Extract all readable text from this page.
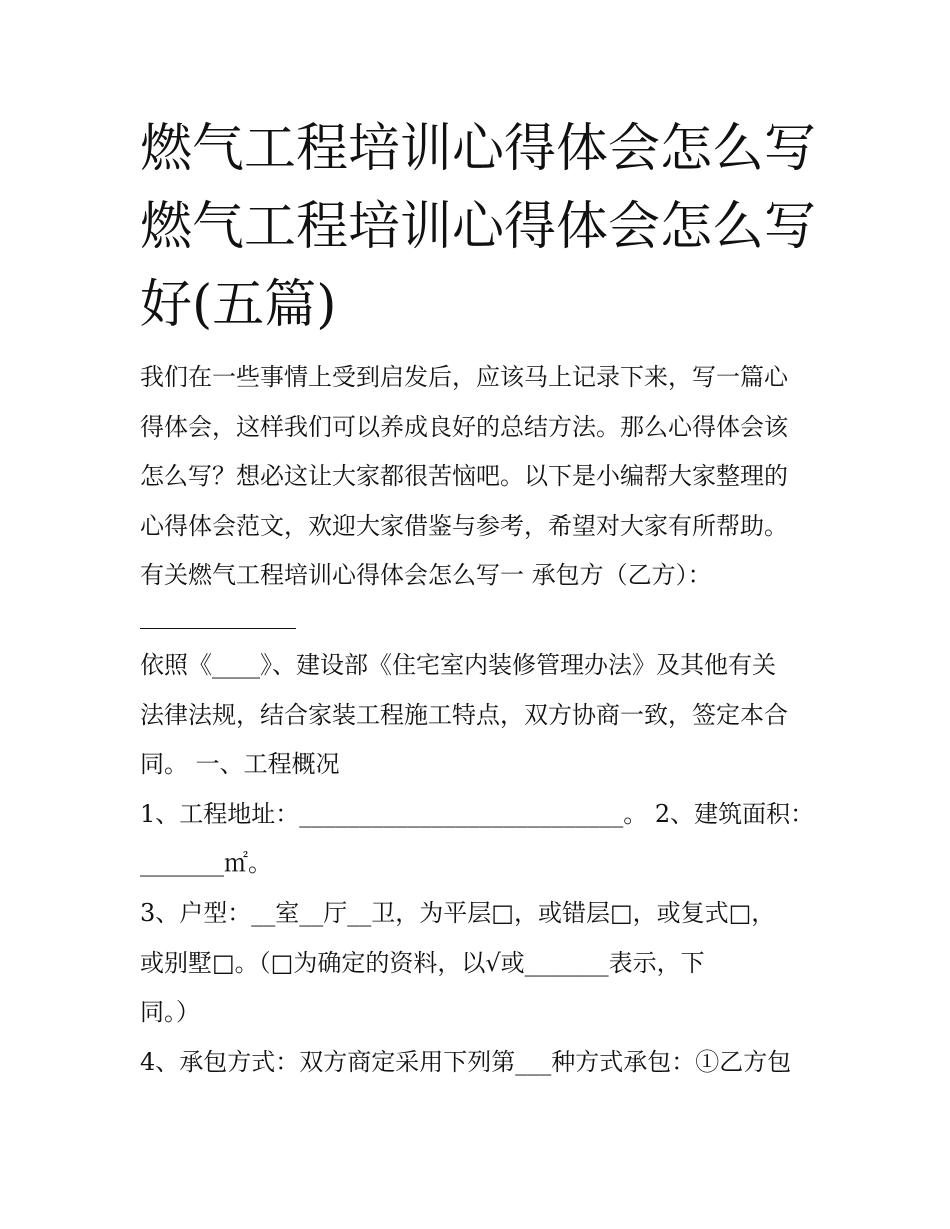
燃气工程培训心得体会怎么写
燃气工程培训心得体会怎么写
好(五篇)
我们在一些事情上受到启发后，应该马上记录下来，写一篇心
得体会，这样我们可以养成良好的总结方法。那么心得体会该
怎么写？想必这让大家都很苦恼吧。以下是小编帮大家整理的
心得体会范文，欢迎大家借鉴与参考，希望对大家有所帮助。
有关燃气工程培训心得体会怎么写一 承包方（乙方）：
依照《____》、建设部《住宅室内装修管理办法》及其他有关
法律法规，结合家装工程施工特点，双方协商一致，签定本合
同。 一、工程概况
1、工程地址：___________________________。 2、建筑面积：
_______㎡。
3、户型：__室__厅__卫，为平层□，或错层□，或复式□，
或别墅□。（□为确定的资料，以√或_______表示，下
同。）
4、承包方式：双方商定采用下列第___种方式承包：①乙方包
